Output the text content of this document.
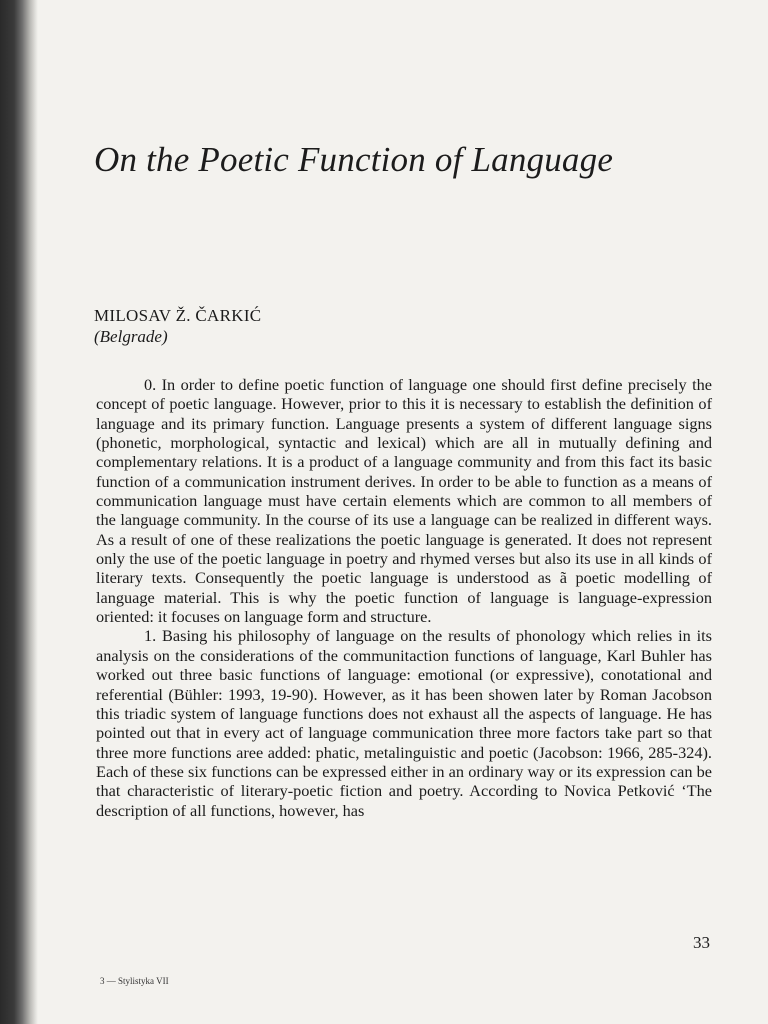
On the Poetic Function of Language
MILOSAV Ž. ČARKIĆ
(Belgrade)

0. In order to define poetic function of language one should first define precisely the concept of poetic language. However, prior to this it is necessary to establish the definition of language and its primary function. Language presents a system of different language signs (phonetic, morphological, syntactic and lexical) which are all in mutually defining and complementary relations. It is a product of a language community and from this fact its basic function of a communication instrument derives. In order to be able to function as a means of communication language must have certain elements which are common to all members of the language community. In the course of its use a language can be realized in different ways. As a result of one of these realizations the poetic language is generated. It does not represent only the use of the poetic language in poetry and rhymed verses but also its use in all kinds of literary texts. Consequently the poetic language is understood as ã poetic modelling of language material. This is why the poetic function of language is language-expression oriented: it focuses on language form and structure.

1. Basing his philosophy of language on the results of phonology which relies in its analysis on the considerations of the communitaction functions of language, Karl Buhler has worked out three basic functions of language: emotional (or expressive), conotational and referential (Bühler: 1993, 19-90). However, as it has been showen later by Roman Jacobson this triadic system of language functions does not exhaust all the aspects of language. He has pointed out that in every act of language communication three more factors take part so that three more functions aree added: phatic, metalinguistic and poetic (Jacobson: 1966, 285-324). Each of these six functions can be expressed either in an ordinary way or its expression can be that characteristic of literary-poetic fiction and poetry. According to Novica Petković ‘The description of all functions, however, has

33
3 — Stylistyka VII
